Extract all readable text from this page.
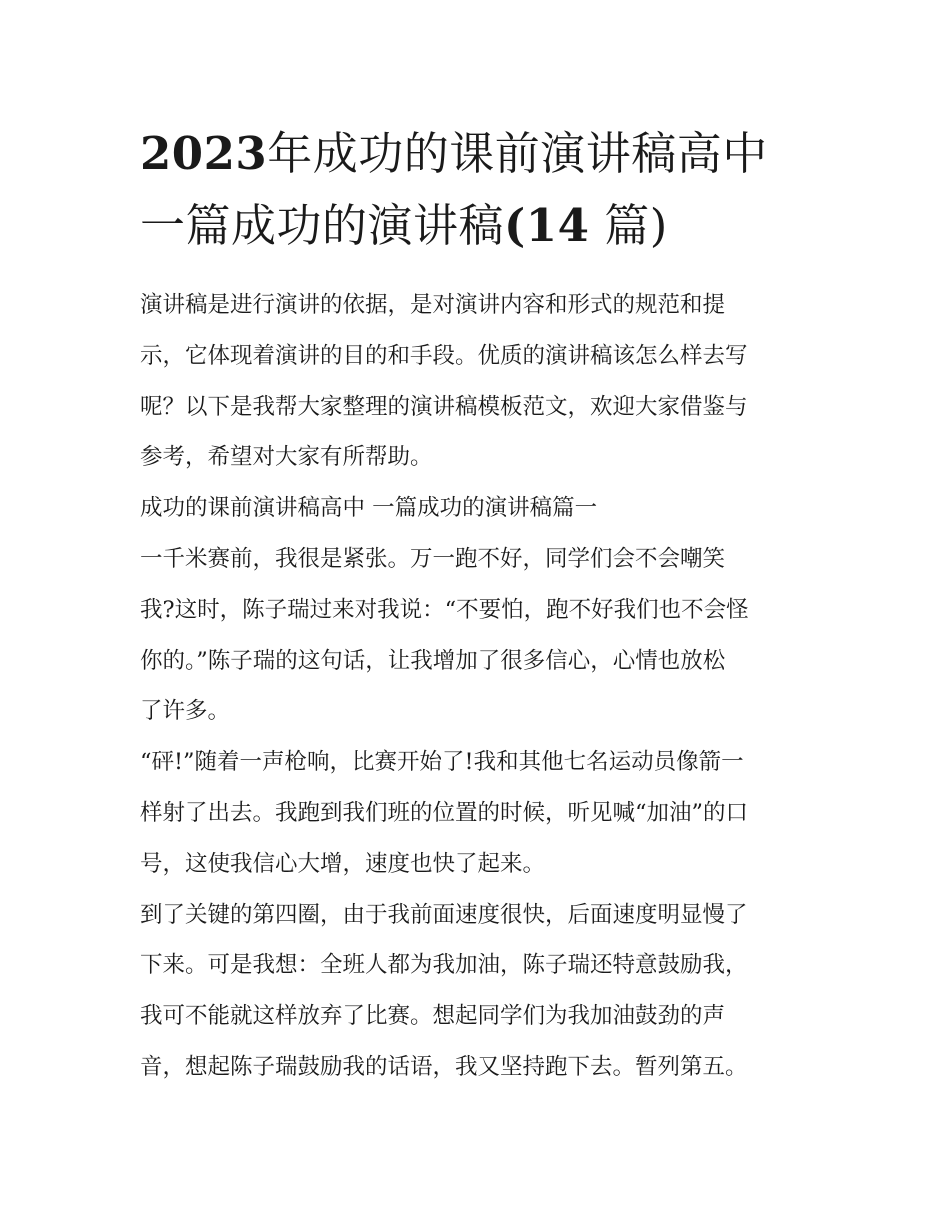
2023年成功的课前演讲稿高中
一篇成功的演讲稿(14 篇)
演讲稿是进行演讲的依据，是对演讲内容和形式的规范和提
示，它体现着演讲的目的和手段。优质的演讲稿该怎么样去写
呢？以下是我帮大家整理的演讲稿模板范文，欢迎大家借鉴与
参考，希望对大家有所帮助。
成功的课前演讲稿高中 一篇成功的演讲稿篇一
一千米赛前，我很是紧张。万一跑不好，同学们会不会嘲笑
我?这时，陈子瑞过来对我说：“不要怕，跑不好我们也不会怪
你的。”陈子瑞的这句话，让我增加了很多信心，心情也放松
了许多。
“砰!”随着一声枪响，比赛开始了!我和其他七名运动员像箭一
样射了出去。我跑到我们班的位置的时候，听见喊“加油”的口
号，这使我信心大增，速度也快了起来。
到了关键的第四圈，由于我前面速度很快，后面速度明显慢了
下来。可是我想：全班人都为我加油，陈子瑞还特意鼓励我，
我可不能就这样放弃了比赛。想起同学们为我加油鼓劲的声
音，想起陈子瑞鼓励我的话语，我又坚持跑下去。暂列第五。
